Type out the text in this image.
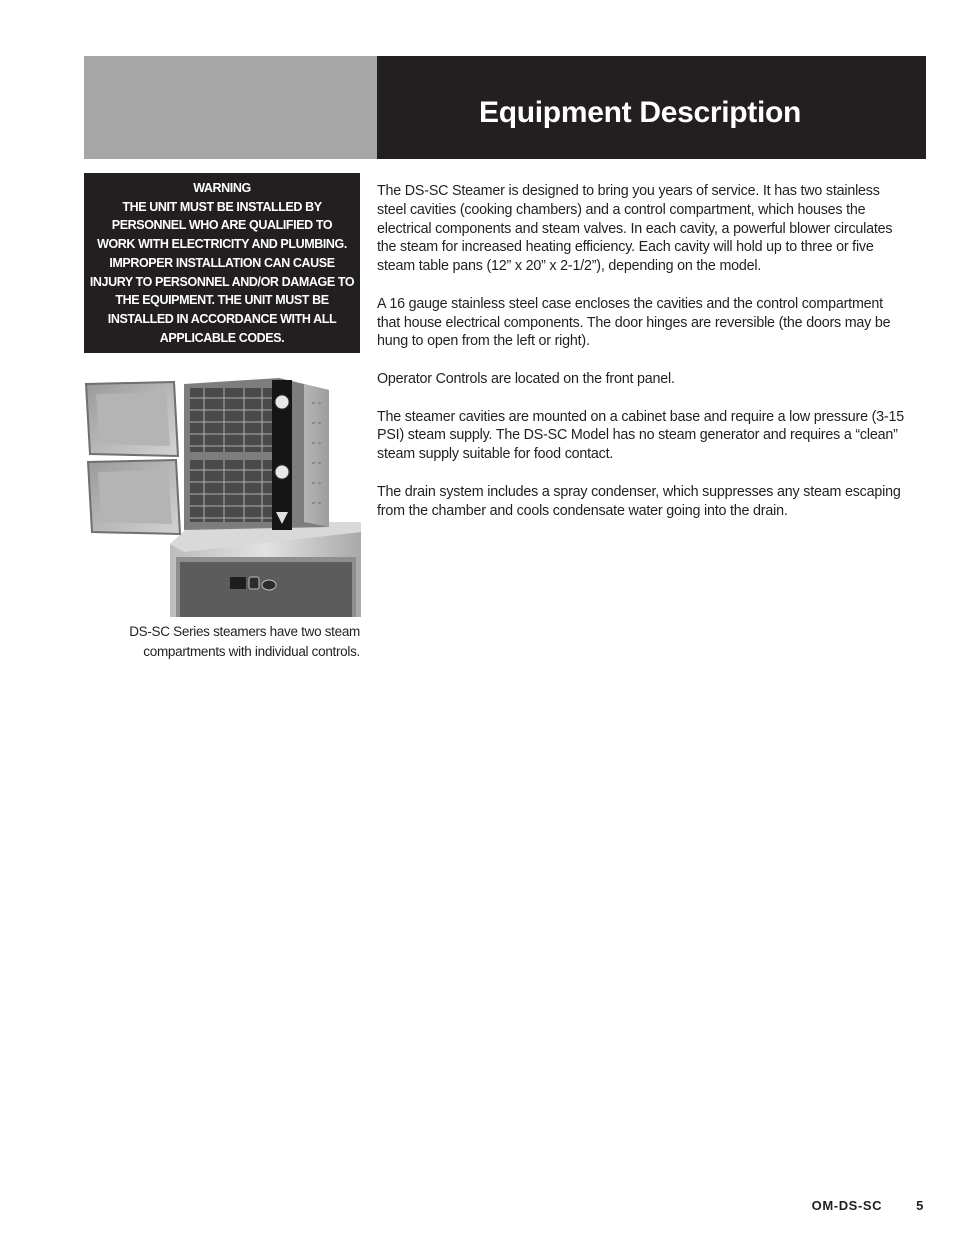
Equipment Description
WARNING
THE UNIT MUST BE INSTALLED BY
PERSONNEL WHO ARE QUALIFIED TO
WORK WITH ELECTRICITY AND PLUMBING.
IMPROPER INSTALLATION CAN CAUSE
INJURY TO PERSONNEL AND/OR DAMAGE TO
THE EQUIPMENT. THE UNIT MUST BE
INSTALLED IN ACCORDANCE WITH ALL
APPLICABLE CODES.
DS-SC Series steamers have two steam
compartments with individual controls.

The DS-SC Steamer is designed to bring you years of service. It has two stainless
steel cavities (cooking chambers) and a control compartment, which houses the
electrical components and steam valves. In each cavity, a powerful blower circulates
the steam for increased heating efficiency. Each cavity will hold up to three or five
steam table pans (12” x 20” x 2-1/2”), depending on the model.

A 16 gauge stainless steel case encloses the cavities and the control compartment
that house electrical components. The door hinges are reversible (the doors may be
hung to open from the left or right).

Operator Controls are located on the front panel.

The steamer cavities are mounted on a cabinet base and require a low pressure (3-15
PSI) steam supply. The DS-SC Model has no steam generator and requires a “clean”
steam supply suitable for food contact.

The drain system includes a spray condenser, which suppresses any steam escaping
from the chamber and cools condensate water going into the drain.

OM-DS-SC	5
